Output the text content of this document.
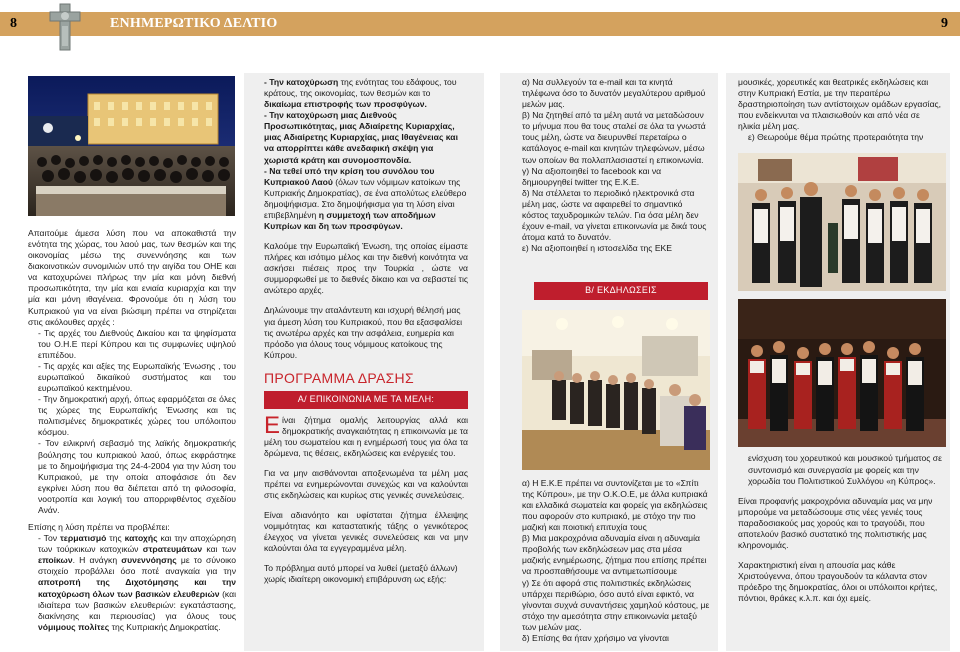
8	ΕΝΗΜΕΡΩΤΙΚΟ ΔΕΛΤΙΟ	9

Απαιτούμε άμεσα λύση που να αποκαθιστά την ενότητα της χώρας, του λαού μας, των θεσμών και της οικονομίας μέσω της συνεννόησης και των διακοινοτικών συνομιλιών υπό την αιγίδα του ΟΗΕ και να κατοχυρώνει πλήρως την μία και μόνη διεθνή προσωπικότητα, την μία και ενιαία κυριαρχία και την μία και μόνη ιθαγένεια. Φρονούμε ότι η λύση του Κυπριακού για να είναι βιώσιμη πρέπει να στηρίζεται στις ακόλουθες αρχές :

- Τις αρχές του Διεθνούς Δικαίου και τα ψηφίσματα του Ο.Η.Ε περί Κύπρου και τις συμφωνίες υψηλού επιπέδου.

- Τις αρχές και αξίες της Ευρωπαϊκής Ένωσης , του ευρωπαϊκού δικαιϊκού συστήματος και του ευρωπαϊκού κεκτημένου.

- Την δημοκρατική αρχή, όπως εφαρμόζεται σε όλες τις χώρες της Ευρωπαϊκής Ένωσης και τις πολιτισμένες δημοκρατικές χώρες του υπόλοιπου κόσμου.

- Τον ειλικρινή σεβασμό της λαϊκής δημοκρατικής βούλησης του κυπριακού λαού, όπως εκφράστηκε με το δημοψήφισμα της 24-4-2004 για την λύση του Κυπριακού, με την οποία αποφάσισε ότι δεν εγκρίνει λύση που θα διέπεται από τη φιλοσοφία, νοοτροπία και λογική του απορριφθέντος σχεδίου Ανάν.

Επίσης η λύση πρέπει να προβλέπει:

- Τον τερματισμό της κατοχής και την αποχώρηση των τούρκικων κατοχικών στρατευμάτων και των εποίκων. Η ανάγκη συνεννόησης με το σύνοικο στοιχείο προβάλλει όσο ποτέ αναγκαία για την αποτροπή της Διχοτόμησης και την κατοχύρωση όλων των βασικών ελευθεριών (και ιδιαίτερα των βασικών ελευθεριών: εγκατάστασης, διακίνησης και περιουσίας) για όλους τους νόμιμους πολίτες της Κυπριακής Δημοκρατίας.

- Την κατοχύρωση της ενότητας του εδάφους, του κράτους, της οικονομίας, των θεσμών και το δικαίωμα επιστροφής των προσφύγων.

- Την κατοχύρωση μιας Διεθνούς Προσωπικότητας, μιας Αδιαίρετης Κυριαρχίας, μιας Αδιαίρετης Κυριαρχίας, μιας Ιθαγένειας και να απορρίπτει κάθε ανεδαφική σκέψη για χωριστά κράτη και συνομοσπονδία.

- Να τεθεί υπό την κρίση του συνόλου του Κυπριακού Λαού (όλων των νόμιμων κατοίκων της Κυπριακής Δημοκρατίας), σε ένα απολύτως ελεύθερο δημοψήφισμα. Στο δημοψήφισμα για τη λύση είναι επιβεβλημένη η συμμετοχή των αποδήμων Κυπρίων και δη των προσφύγων.

Καλούμε την Ευρωπαϊκή Ένωση, της οποίας είμαστε πλήρες και ισότιμο μέλος και την διεθνή κοινότητα να ασκήσει πιέσεις προς την Τουρκία , ώστε να συμμορφωθεί με το διεθνές δίκαιο και να σεβαστεί τις ανώτερο αρχές.

Δηλώνουμε την αταλάντευτη και ισχυρή θέλησή μας για άμεση λύση του Κυπριακού, που θα εξασφαλίσει τις ανωτέρω αρχές και την ασφάλεια, ευημερία και πρόοδο για όλους τους νόμιμους κατοίκους της Κύπρου.

ΠΡΟΓΡΑΜΜΑ ΔΡΑΣΗΣ
Α/ ΕΠΙΚΟΙΝΩΝΙΑ ΜΕ ΤΑ ΜΕΛΗ:

Είναι ζήτημα ομαλής λειτουργίας αλλά και δημοκρατικής αναγκαιότητας η επικοινωνία με τα μέλη του σωματείου και η ενημέρωσή τους για όλα τα δρώμενα, τις θέσεις, εκδηλώσεις και ενέργειές του.

Για να μην αισθάνονται αποξενωμένα τα μέλη μας πρέπει να ενημερώνονται συνεχώς και να καλούνται στις εκδηλώσεις και κυρίως στις γενικές συνελεύσεις.

Είναι αδιανόητο και υφίσταται ζήτημα έλλειψης νομιμότητας και καταστατικής τάξης ο γενικότερος έλεγχος να γίνεται γενικές συνελεύσεις και να μην καλούνται όλα τα εγγεγραμμένα μέλη.

Το πρόβλημα αυτό μπορεί να λυθεί (μεταξύ άλλων) χωρίς ιδιαίτερη οικονομική επιβάρυνση ως εξής:

α) Να συλλεγούν τα e-mail και τα κινητά τηλέφωνα όσο το δυνατόν μεγαλύτερου αριθμού μελών μας.

β) Να ζητηθεί από τα μέλη αυτά να μεταδώσουν το μήνυμα που θα τους σταλεί σε όλα τα γνωστά τους μέλη, ώστε να διευρυνθεί περεταίρω ο κατάλογος e-mail και κινητών τηλεφώνων, μέσω των οποίων θα πολλαπλασιαστεί η επικοινωνία.

γ) Να αξιοποιηθεί το facebook και να δημιουργηθεί twitter της Ε.Κ.Ε.

δ) Να στέλλεται το περιοδικό ηλεκτρονικά στα μέλη μας, ώστε να αφαιρεθεί το σημαντικό κόστος ταχυδρομικών τελών. Για όσα μέλη δεν έχουν e-mail, να γίνεται επικοινωνία με δικά τους άτομα κατά το δυνατόν.

ε) Να αξιοποιηθεί η ιστοσελίδα της ΕΚΕ

Β/ ΕΚΔΗΛΩΣΕΙΣ

α) Η Ε.Κ.Ε πρέπει να συντονίζεται με το «Σπίτι της Κύπρου», με την Ο.Κ.Ο.Ε, με άλλα κυπριακά και ελλαδικά σωματεία και φορείς για εκδηλώσεις που αφορούν στο κυπριακό, με στόχο την πιο μαζική και ποιοτική επιτυχία τους

β) Μια μακροχρόνια αδυναμία είναι η αδυναμία προβολής των εκδηλώσεων μας στα μέσα μαζικής ενημέρωσης, ζήτημα που επίσης πρέπει να προσπαθήσουμε να αντιμετωπίσουμε

γ) Σε ότι αφορά στις πολιτιστικές εκδηλώσεις υπάρχει περιθώριο, όσο αυτό είναι εφικτό, να γίνονται συχνά συναντήσεις χαμηλού κόστους, με στόχο την αμεσότητα στην επικοινωνία μεταξύ των μελών μας.

δ) Επίσης θα ήταν χρήσιμο να γίνονται

μουσικές, χορευτικές και θεατρικές εκδηλώσεις και στην Κυπριακή Εστία, με την περαιτέρω δραστηριοποίηση των αντίστοιχων ομάδων εργασίας, που ενδείκνυται να πλαισιωθούν και από νέα σε ηλικία μέλη μας.

ε) Θεωρούμε θέμα πρώτης προτεραιότητα την

ενίσχυση του χορευτικού και μουσικού τμήματος σε συντονισμό και συνεργασία με φορείς και την χορωδία του Πολιτιστικού Συλλόγου «η Κύπρος».

Είναι προφανής μακροχρόνια αδυναμία μας να μην μπορούμε να μεταδώσουμε στις νέες γενιές τους παραδοσιακούς μας χορούς και το τραγούδι, που αποτελούν βασικό συστατικό της πολιτιστικής μας κληρονομιάς.

Χαρακτηριστική είναι η απουσία μας κάθε Χριστούγεννα, όπου τραγουδούν τα κάλαντα στον πρόεδρο της δημοκρατίας, όλοι οι υπόλοιποι κρήτες, πόντιοι, θράκες κ.λ.π. και όχι εμείς.
